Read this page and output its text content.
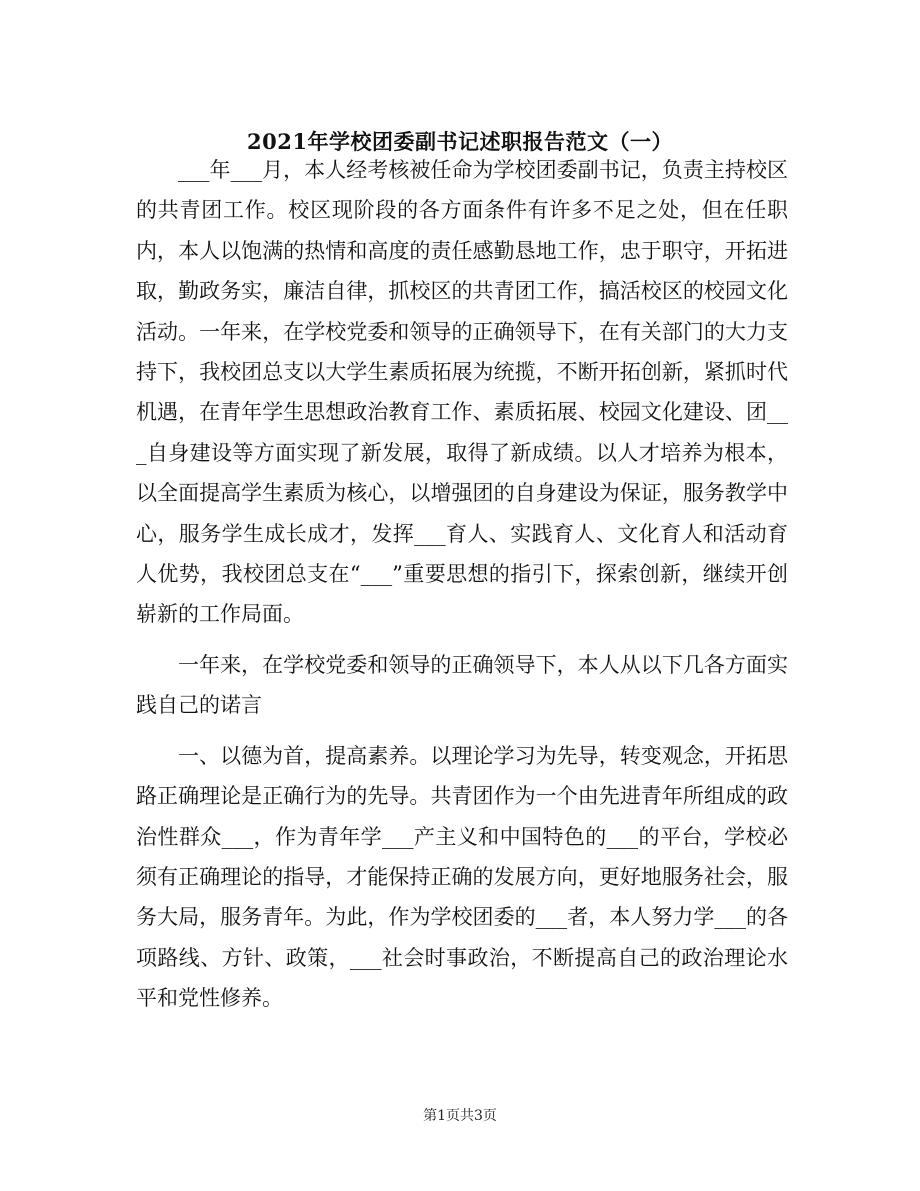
2021年学校团委副书记述职报告范文（一）

___年___月，本人经考核被任命为学校团委副书记，负责主持校区的共青团工作。校区现阶段的各方面条件有许多不足之处，但在任职内，本人以饱满的热情和高度的责任感勤恳地工作，忠于职守，开拓进取，勤政务实，廉洁自律，抓校区的共青团工作，搞活校区的校园文化活动。一年来，在学校党委和领导的正确领导下，在有关部门的大力支持下，我校团总支以大学生素质拓展为统揽，不断开拓创新，紧抓时代机遇，在青年学生思想政治教育工作、素质拓展、校园文化建设、团___自身建设等方面实现了新发展，取得了新成绩。以人才培养为根本，以全面提高学生素质为核心，以增强团的自身建设为保证，服务教学中心，服务学生成长成才，发挥___育人、实践育人、文化育人和活动育人优势，我校团总支在“___”重要思想的指引下，探索创新，继续开创崭新的工作局面。

一年来，在学校党委和领导的正确领导下，本人从以下几各方面实践自己的诺言

一、以德为首，提高素养。以理论学习为先导，转变观念，开拓思路正确理论是正确行为的先导。共青团作为一个由先进青年所组成的政治性群众___，作为青年学___产主义和中国特色的___的平台，学校必须有正确理论的指导，才能保持正确的发展方向，更好地服务社会，服务大局，服务青年。为此，作为学校团委的___者，本人努力学___的各项路线、方针、政策，___社会时事政治，不断提高自己的政治理论水平和党性修养。

第1页共3页
